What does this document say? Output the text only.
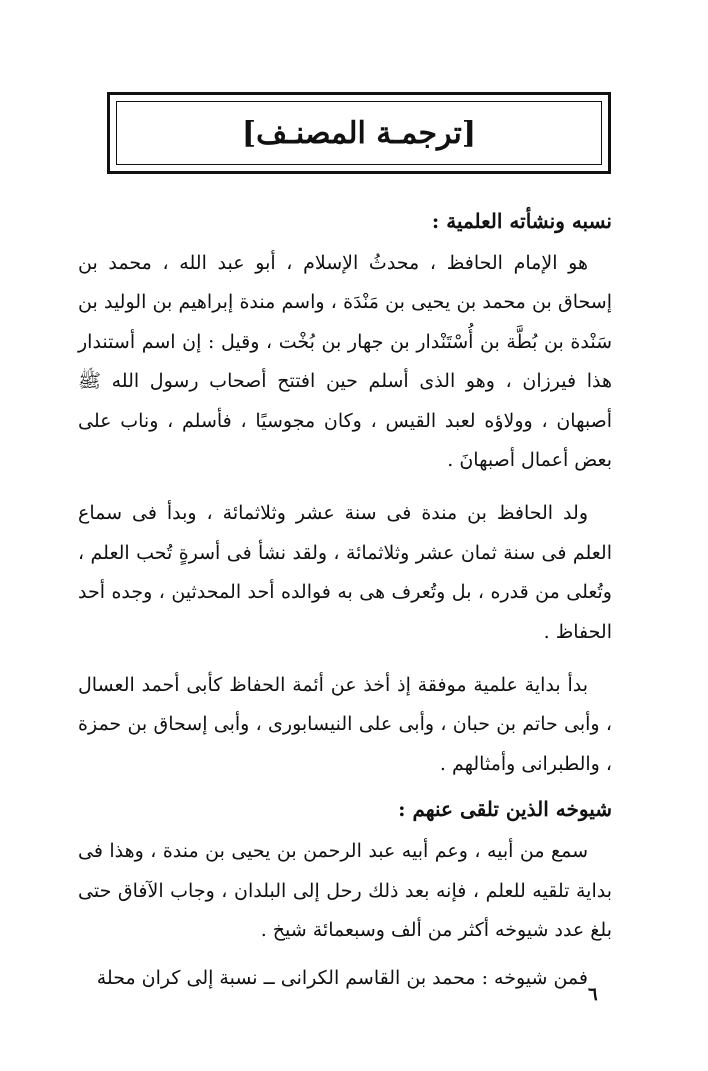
[ترجمـة المصنـف]
نسبه ونشأته العلمية :

هو الإمام الحافظ ، محدثُ الإسلام ، أبو عبد الله ، محمد بن إسحاق بن محمد بن يحيى بن مَنْدَة ، واسم مندة إبراهيم بن الوليد بن سَنْدة بن بُطَّة بن أُسْتَنْدار بن جهار بن بُخْت ، وقيل : إن اسم أستندار هذا فيرزان ، وهو الذى أسلم حين افتتح أصحاب رسول الله ﷺ أصبهان ، وولاؤه لعبد القيس ، وكان مجوسيًا ، فأسلم ، وناب على بعض أعمال أصبهانَ .

ولد الحافظ بن مندة فى سنة عشر وثلاثمائة ، وبدأ فى سماع العلم فى سنة ثمان عشر وثلاثمائة ، ولقد نشأ فى أسرةٍ تُحب العلم ، وتُعلى من قدره ، بل وتُعرف هى به فوالده أحد المحدثين ، وجده أحد الحفاظ .

بدأ بداية علمية موفقة إذ أخذ عن أئمة الحفاظ كأبى أحمد العسال ، وأبى حاتم بن حبان ، وأبى على النيسابورى ، وأبى إسحاق بن حمزة ، والطبرانى وأمثالهم .

شيوخه الذين تلقى عنهم :

سمع من أبيه ، وعم أبيه عبد الرحمن بن يحيى بن مندة ، وهذا فى بداية تلقيه للعلم ، فإنه بعد ذلك رحل إلى البلدان ، وجاب الآفاق حتى بلغ عدد شيوخه أكثر من ألف وسبعمائة شيخ .

فمن شيوخه : محمد بن القاسم الكرانى ــ نسبة إلى كران محلة

٦
